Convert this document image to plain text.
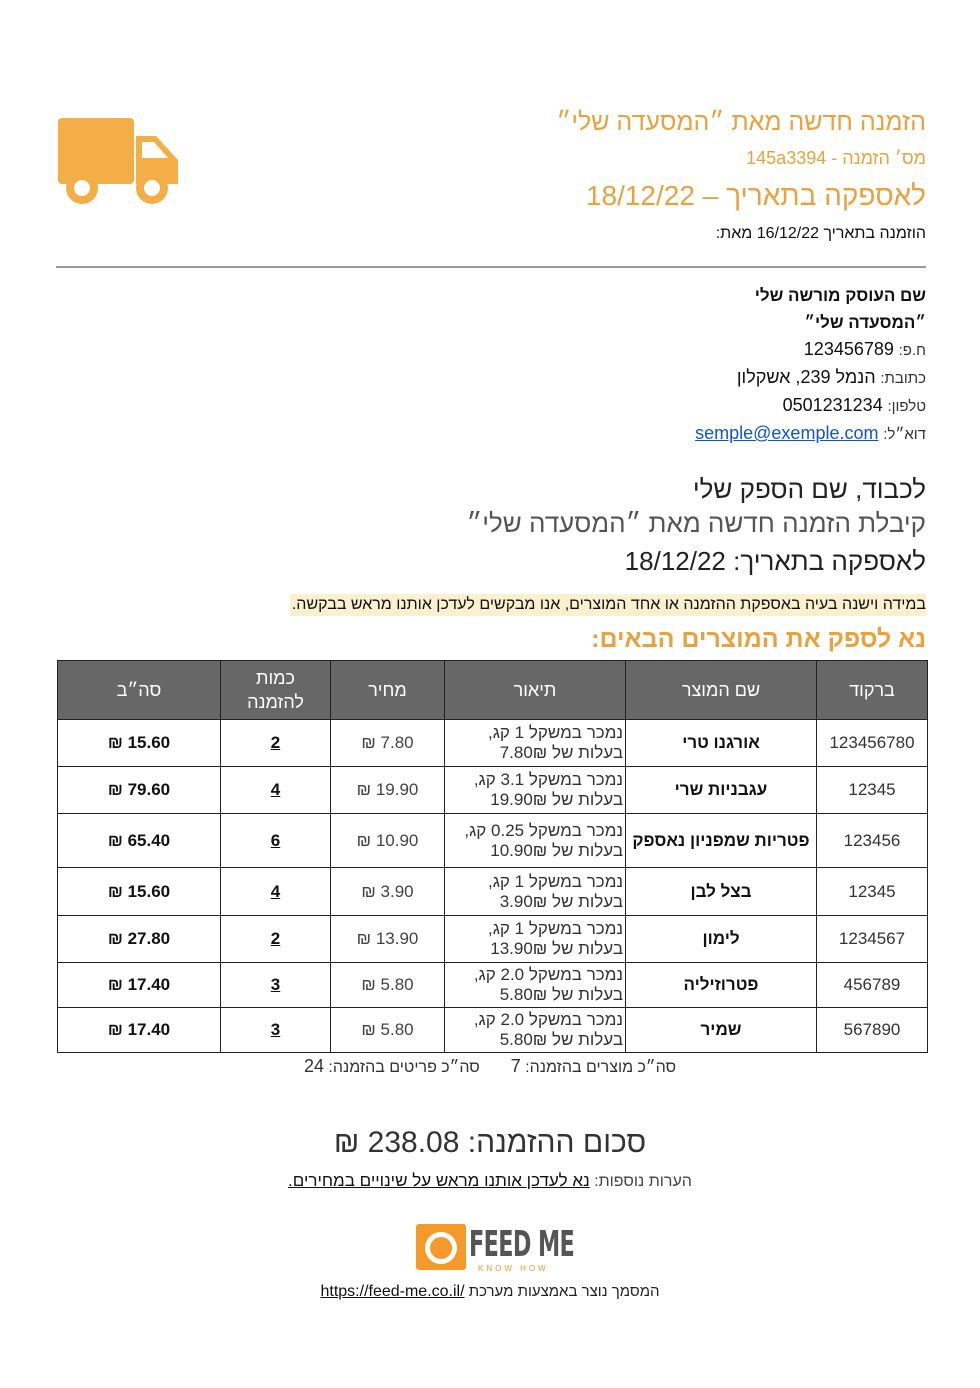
הזמנה חדשה מאת ״המסעדה שלי״
מס׳ הזמנה - 145a3394
לאספקה בתאריך – 18/12/22
הוזמנה בתאריך 16/12/22 מאת:
שם העוסק מורשה שלי
״המסעדה שלי״
ח.פ: 123456789
כתובת: הנמל 239, אשקלון
טלפון: 0501231234
דוא״ל: semple@exemple.com
לכבוד, שם הספק שלי
קיבלת הזמנה חדשה מאת ״המסעדה שלי״
לאספקה בתאריך: 18/12/22
במידה וישנה בעיה באספקת ההזמנה או אחד המוצרים, אנו מבקשים לעדכן אותנו מראש בבקשה.
נא לספק את המוצרים הבאים:
ברקוד	שם המוצר	תיאור	מחיר	כמות
להזמנה	סה״ב
123456780	אורגנו טרי	נמכר במשקל 1 קג,
בעלות של 7.80₪	7.80 ₪	2	15.60 ₪
12345	עגבניות שרי	נמכר במשקל 3.1 קג,
בעלות של 19.90₪	19.90 ₪	4	79.60 ₪
123456	פטריות שמפניון נאספק	נמכר במשקל 0.25 קג,
בעלות של 10.90₪	10.90 ₪	6	65.40 ₪
12345	בצל לבן	נמכר במשקל 1 קג,
בעלות של 3.90₪	3.90 ₪	4	15.60 ₪
1234567	לימון	נמכר במשקל 1 קג,
בעלות של 13.90₪	13.90 ₪	2	27.80 ₪
456789	פטרוזיליה	נמכר במשקל 2.0 קג,
בעלות של 5.80₪	5.80 ₪	3	17.40 ₪
567890	שמיר	נמכר במשקל 2.0 קג,
בעלות של 5.80₪	5.80 ₪	3	17.40 ₪
סה״כ מוצרים בהזמנה: 7  סה״כ פריטים בהזמנה: 24
סכום ההזמנה: 238.08 ₪
הערות נוספות: נא לעדכן אותנו מראש על שינויים במחירים.
FEED ME
KNOW HOW
המסמך נוצר באמצעות מערכת https://feed-me.co.il/
